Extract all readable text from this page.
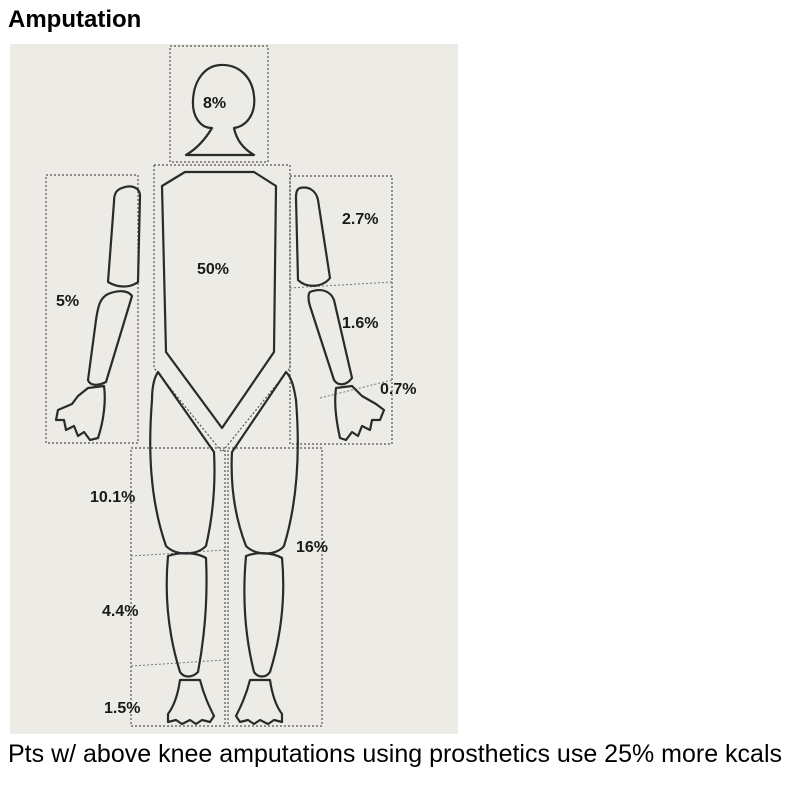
Amputation
8%
50%
5%
2.7%
1.6%
0.7%
10.1%
16%
4.4%
1.5%
Pts w/ above knee amputations using prosthetics use 25% more kcals
